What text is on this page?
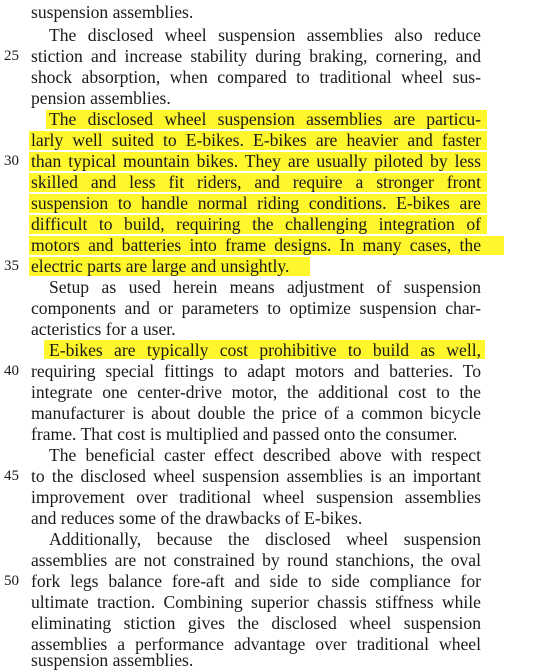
25
30
35
40
45
50
suspension assemblies.
The disclosed wheel suspension assemblies also reduce
stiction and increase stability during braking, cornering, and
shock absorption, when compared to traditional wheel sus-
pension assemblies.
The disclosed wheel suspension assemblies are particu-
larly well suited to E-bikes. E-bikes are heavier and faster
than typical mountain bikes. They are usually piloted by less
skilled and less fit riders, and require a stronger front
suspension to handle normal riding conditions. E-bikes are
difficult to build, requiring the challenging integration of
motors and batteries into frame designs. In many cases, the
electric parts are large and unsightly.
Setup as used herein means adjustment of suspension
components and or parameters to optimize suspension char-
acteristics for a user.
E-bikes are typically cost prohibitive to build as well,
requiring special fittings to adapt motors and batteries. To
integrate one center-drive motor, the additional cost to the
manufacturer is about double the price of a common bicycle
frame. That cost is multiplied and passed onto the consumer.
The beneficial caster effect described above with respect
to the disclosed wheel suspension assemblies is an important
improvement over traditional wheel suspension assemblies
and reduces some of the drawbacks of E-bikes.
Additionally, because the disclosed wheel suspension
assemblies are not constrained by round stanchions, the oval
fork legs balance fore-aft and side to side compliance for
ultimate traction. Combining superior chassis stiffness while
eliminating stiction gives the disclosed wheel suspension
assemblies a performance advantage over traditional wheel
suspension assemblies.
